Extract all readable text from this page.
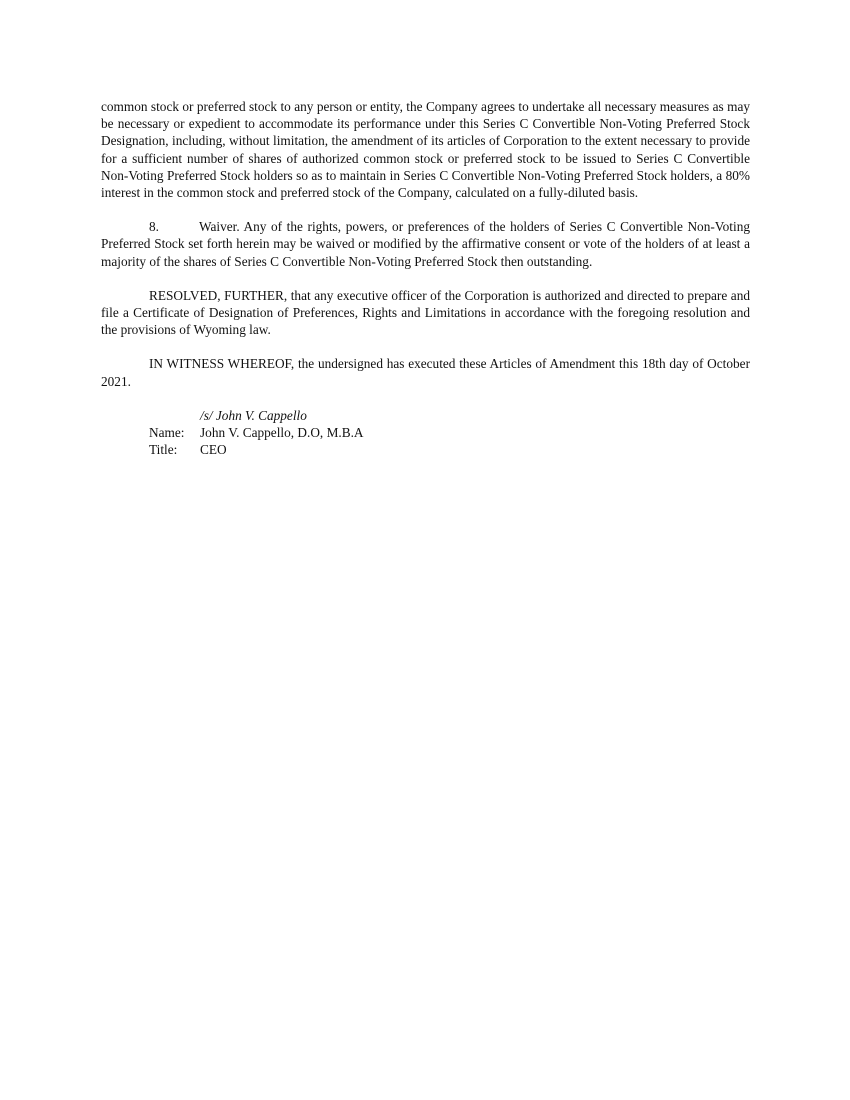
common stock or preferred stock to any person or entity, the Company agrees to undertake all necessary measures as may be necessary or expedient to accommodate its performance under this Series C Convertible Non-Voting Preferred Stock Designation, including, without limitation, the amendment of its articles of Corporation to the extent necessary to provide for a sufficient number of shares of authorized common stock or preferred stock to be issued to Series C Convertible Non-Voting Preferred Stock holders so as to maintain in Series C Convertible Non-Voting Preferred Stock holders, a 80% interest in the common stock and preferred stock of the Company, calculated on a fully-diluted basis.

8.	Waiver. Any of the rights, powers, or preferences of the holders of Series C Convertible Non-Voting Preferred Stock set forth herein may be waived or modified by the affirmative consent or vote of the holders of at least a majority of the shares of Series C Convertible Non-Voting Preferred Stock then outstanding.

RESOLVED, FURTHER, that any executive officer of the Corporation is authorized and directed to prepare and file a Certificate of Designation of Preferences, Rights and Limitations in accordance with the foregoing resolution and the provisions of Wyoming law.

IN WITNESS WHEREOF, the undersigned has executed these Articles of Amendment this 18th day of October 2021.

/s/ John V. Cappello
Name:	John V. Cappello, D.O, M.B.A
Title:	CEO
